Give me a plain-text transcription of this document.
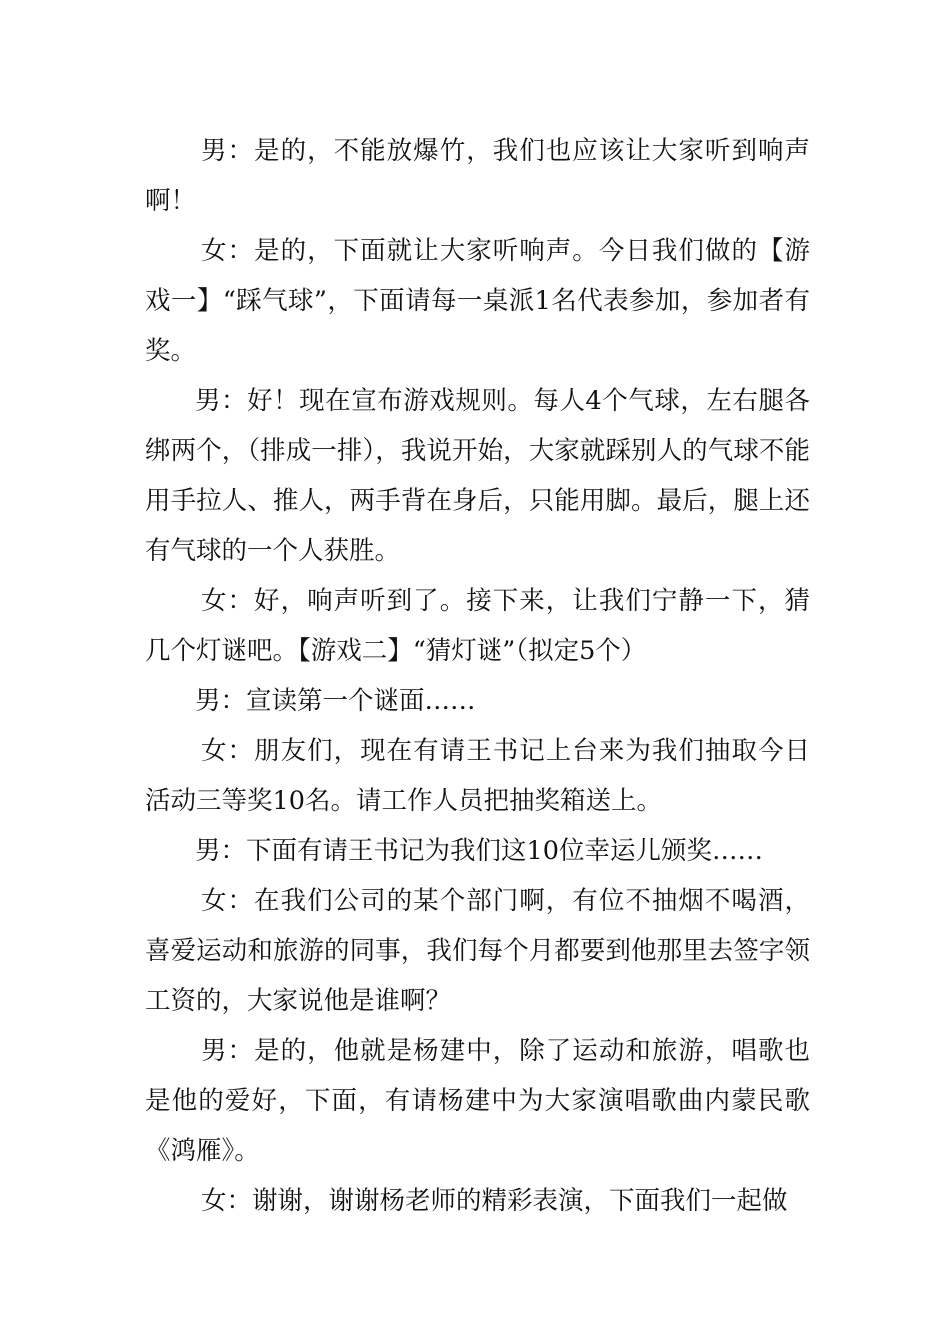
男：是的，不能放爆竹，我们也应该让大家听到响声啊！

女：是的，下面就让大家听响声。今日我们做的【游戏一】“踩气球”，下面请每一桌派1名代表参加，参加者有奖。

男：好！现在宣布游戏规则。每人4个气球，左右腿各绑两个，（排成一排），我说开始，大家就踩别人的气球不能用手拉人、推人，两手背在身后，只能用脚。最后，腿上还有气球的一个人获胜。

女：好，响声听到了。接下来，让我们宁静一下，猜几个灯谜吧。【游戏二】“猜灯谜”（拟定5个）

男：宣读第一个谜面……

女：朋友们，现在有请王书记上台来为我们抽取今日活动三等奖10名。请工作人员把抽奖箱送上。

男：下面有请王书记为我们这10位幸运儿颁奖……

女：在我们公司的某个部门啊，有位不抽烟不喝酒，喜爱运动和旅游的同事，我们每个月都要到他那里去签字领工资的，大家说他是谁啊？

男：是的，他就是杨建中，除了运动和旅游，唱歌也是他的爱好，下面，有请杨建中为大家演唱歌曲内蒙民歌《鸿雁》。

女：谢谢，谢谢杨老师的精彩表演，下面我们一起做
